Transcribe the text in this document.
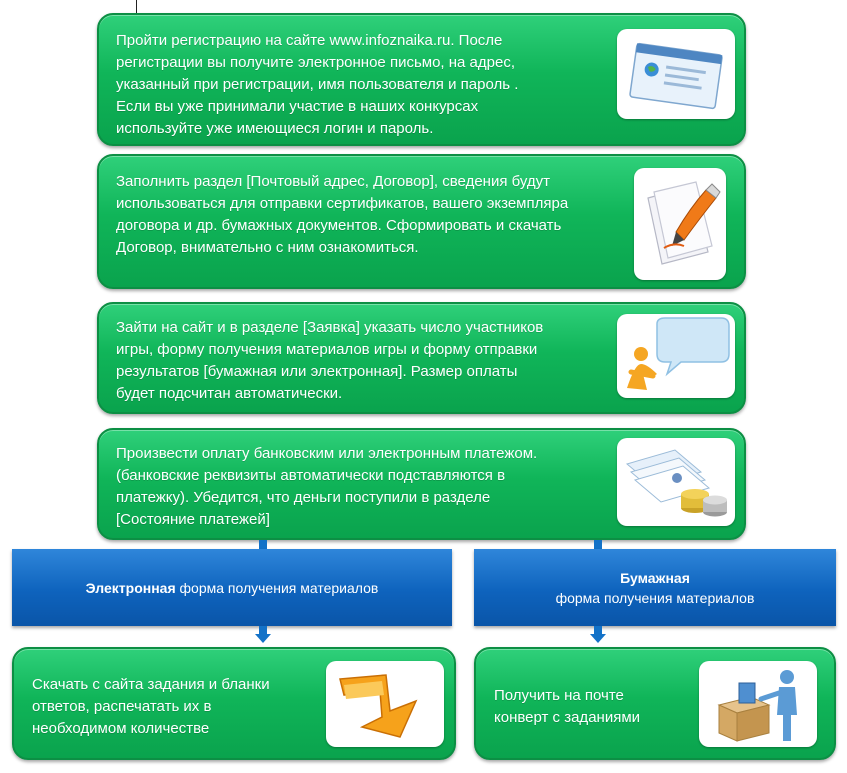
Пройти регистрацию на сайте www.infoznaika.ru. После
регистрации вы получите электронное письмо, на адрес,
указанный при регистрации, имя пользователя и пароль .
Если вы уже принимали участие в наших конкурсах
используйте уже имеющиеся логин и пароль.
Заполнить раздел [Почтовый адрес, Договор], сведения будут
использоваться для отправки сертификатов, вашего экземпляра
договора и др. бумажных документов. Сформировать и скачать
Договор, внимательно с ним ознакомиться.
Зайти на сайт и в разделе [Заявка] указать число участников
игры, форму получения материалов игры и форму отправки
результатов [бумажная или электронная]. Размер оплаты
будет подсчитан автоматически.
Произвести оплату банковским или электронным платежом.
(банковские реквизиты автоматически подставляются в
платежку). Убедится, что деньги поступили в разделе
[Состояние платежей]
Электронная форма получения материалов
Бумажная
форма получения материалов
Скачать с сайта задания и бланки
ответов, распечатать их в
необходимом количестве
Получить на почте
конверт с заданиями
